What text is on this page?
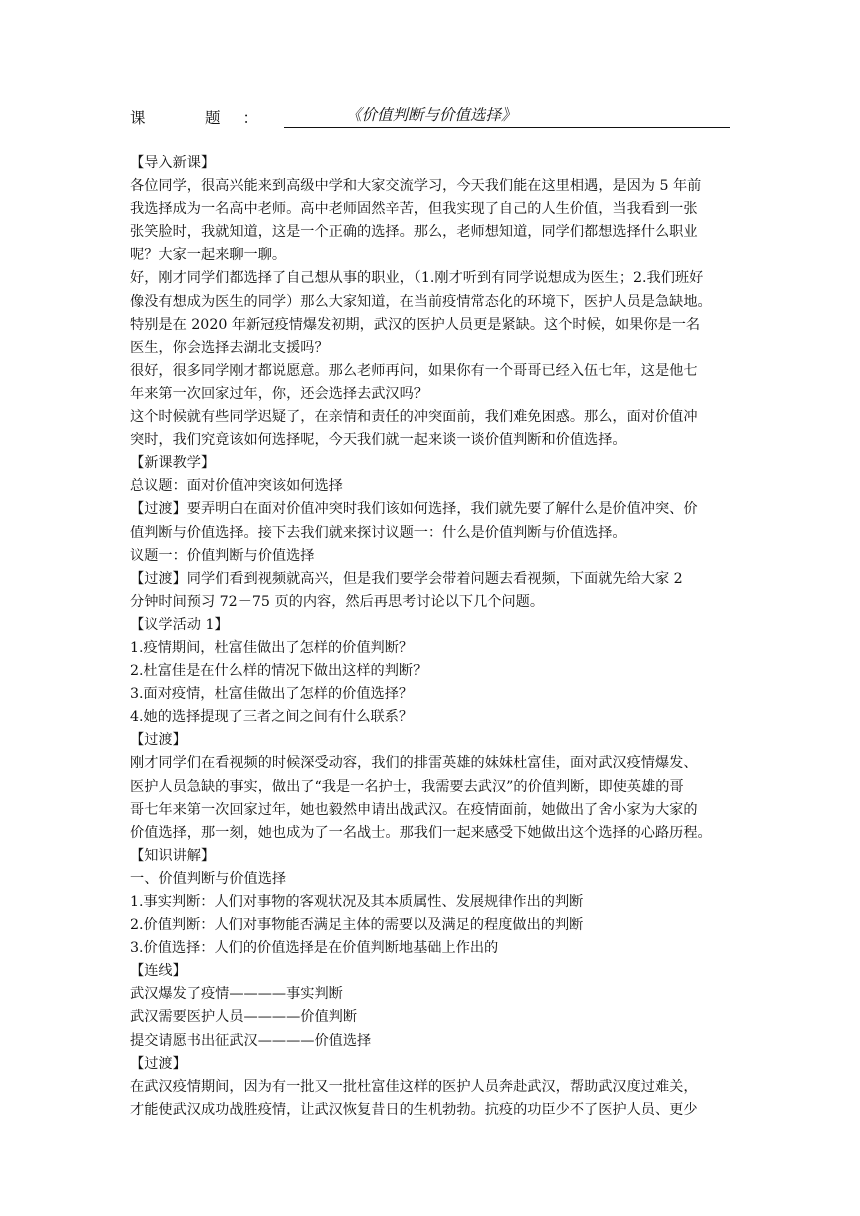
课　题：	《价值判断与价值选择》
【导入新课】
各位同学，很高兴能来到高级中学和大家交流学习，今天我们能在这里相遇，是因为 5 年前
我选择成为一名高中老师。高中老师固然辛苦，但我实现了自己的人生价值，当我看到一张
张笑脸时，我就知道，这是一个正确的选择。那么，老师想知道，同学们都想选择什么职业
呢？大家一起来聊一聊。
好，刚才同学们都选择了自己想从事的职业，（1.刚才听到有同学说想成为医生；2.我们班好
像没有想成为医生的同学）那么大家知道，在当前疫情常态化的环境下，医护人员是急缺地。
特别是在 2020 年新冠疫情爆发初期，武汉的医护人员更是紧缺。这个时候，如果你是一名
医生，你会选择去湖北支援吗？
很好，很多同学刚才都说愿意。那么老师再问，如果你有一个哥哥已经入伍七年，这是他七
年来第一次回家过年，你，还会选择去武汉吗？
这个时候就有些同学迟疑了，在亲情和责任的冲突面前，我们难免困惑。那么，面对价值冲
突时，我们究竟该如何选择呢，今天我们就一起来谈一谈价值判断和价值选择。
【新课教学】
总议题：面对价值冲突该如何选择
【过渡】要弄明白在面对价值冲突时我们该如何选择，我们就先要了解什么是价值冲突、价
值判断与价值选择。接下去我们就来探讨议题一：什么是价值判断与价值选择。
议题一：价值判断与价值选择
【过渡】同学们看到视频就高兴，但是我们要学会带着问题去看视频，下面就先给大家 2
分钟时间预习 72－75 页的内容，然后再思考讨论以下几个问题。
【议学活动 1】
1.疫情期间，杜富佳做出了怎样的价值判断？
2.杜富佳是在什么样的情况下做出这样的判断？
3.面对疫情，杜富佳做出了怎样的价值选择？
4.她的选择提现了三者之间之间有什么联系？
【过渡】
刚才同学们在看视频的时候深受动容，我们的排雷英雄的妹妹杜富佳，面对武汉疫情爆发、
医护人员急缺的事实，做出了“我是一名护士，我需要去武汉”的价值判断，即使英雄的哥
哥七年来第一次回家过年，她也毅然申请出战武汉。在疫情面前，她做出了舍小家为大家的
价值选择，那一刻，她也成为了一名战士。那我们一起来感受下她做出这个选择的心路历程。
【知识讲解】
一、价值判断与价值选择
1.事实判断：人们对事物的客观状况及其本质属性、发展规律作出的判断
2.价值判断：人们对事物能否满足主体的需要以及满足的程度做出的判断
3.价值选择：人们的价值选择是在价值判断地基础上作出的
【连线】
武汉爆发了疫情————事实判断
武汉需要医护人员————价值判断
提交请愿书出征武汉————价值选择
【过渡】
在武汉疫情期间，因为有一批又一批杜富佳这样的医护人员奔赴武汉，帮助武汉度过难关，
才能使武汉成功战胜疫情，让武汉恢复昔日的生机勃勃。抗疫的功臣少不了医护人员、更少
